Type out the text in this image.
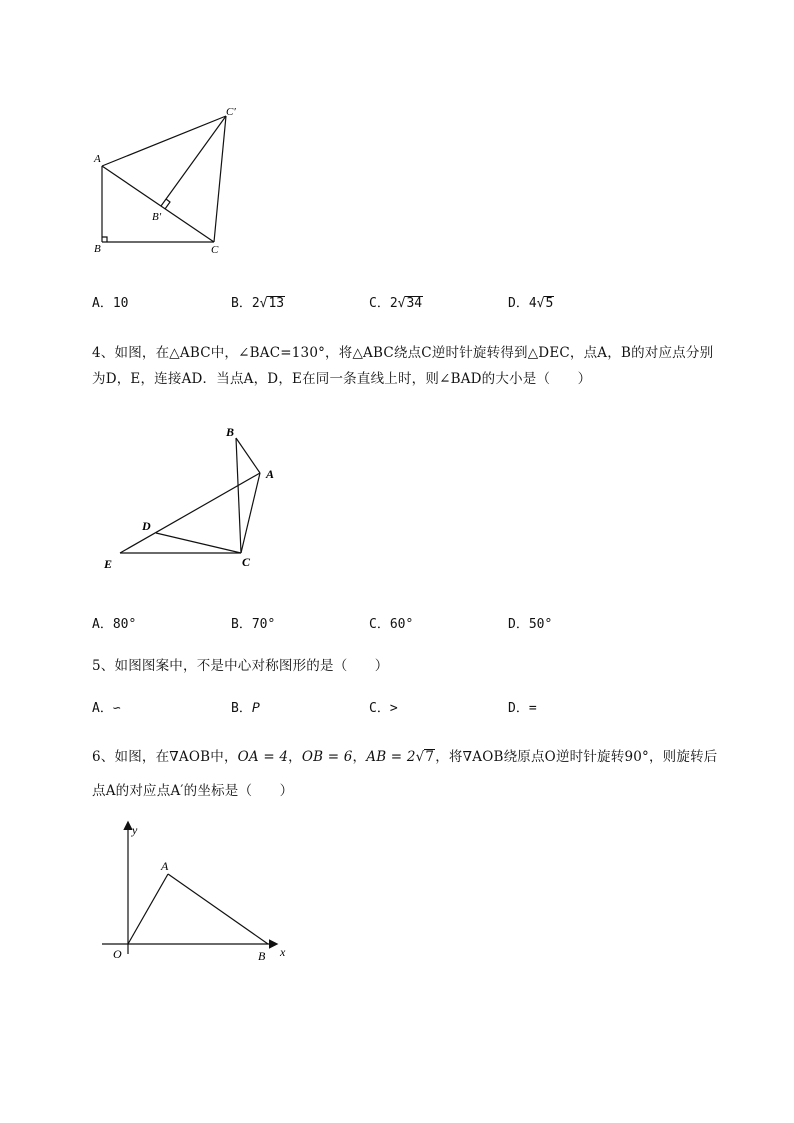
A
B	C
B′
C′
A．10	B．2√13	C．2√34	D．4√5
4、如图，在△ABC中，∠BAC=130°，将△ABC绕点C逆时针旋转得到△DEC，点A，B的对应点分别
为D，E，连接AD．当点A，D，E在同一条直线上时，则∠BAD的大小是（　　）
B
A
D
E	C
A．80°	B．70°	C．60°	D．50°
5、如图图案中，不是中心对称图形的是（　　）
A．∽	B．𝘗	C．>	D．=
6、如图，在∇AOB中，OA = 4，OB = 6，AB = 2√7，将∇AOB绕原点O逆时针旋转90°，则旋转后
点A的对应点A′的坐标是（　　）
y
A
O	B x
